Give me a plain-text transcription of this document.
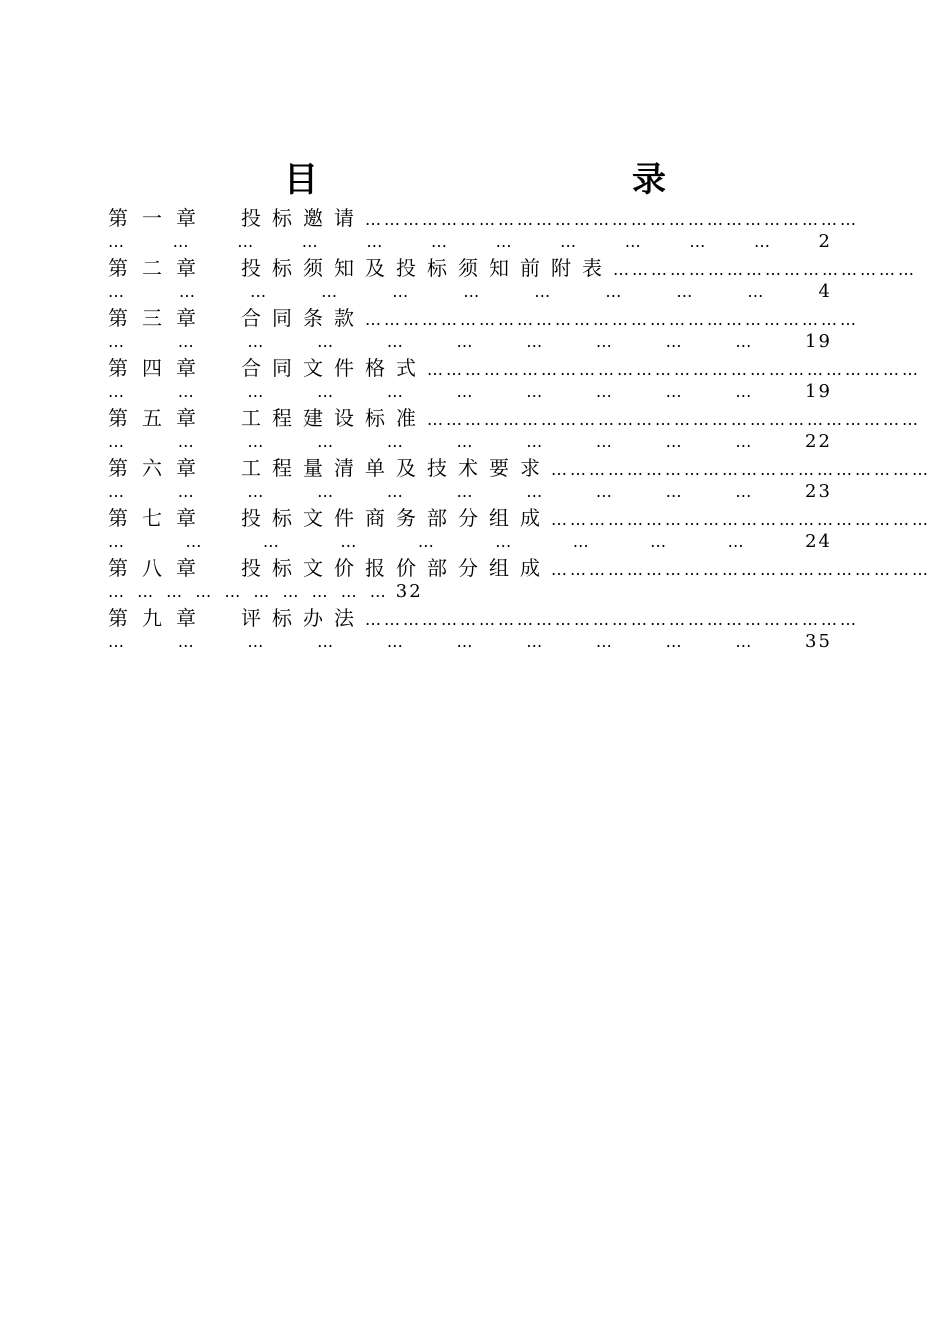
目　录
第一章	投标邀请 ……………………………………………………………………
…	…	…	…	…	…	…	…	…	…	…	2
第二章	投标须知及投标须知前附表 …………………………………………
…	…	…	…	…	…	…	…	…	…	4
第三章	合同条款 ……………………………………………………………………
…	…	…	…	…	…	…	…	…	…	19
第四章	合同文件格式 ……………………………………………………………………
…	…	…	…	…	…	…	…	…	…	19
第五章	工程建设标准 ……………………………………………………………………
…	…	…	…	…	…	…	…	…	…	22
第六章	工程量清单及技术要求 ……………………………………………………
…	…	…	…	…	…	…	…	…	…	23
第七章	投标文件商务部分组成 ……………………………………………………
…	…	…	…	…	…	…	…	…	24
第八章	投标文价报价部分组成 ……………………………………………………
… … … … … … … … … … 32
第九章	评标办法 ……………………………………………………………………
…	…	…	…	…	…	…	…	…	…	35
